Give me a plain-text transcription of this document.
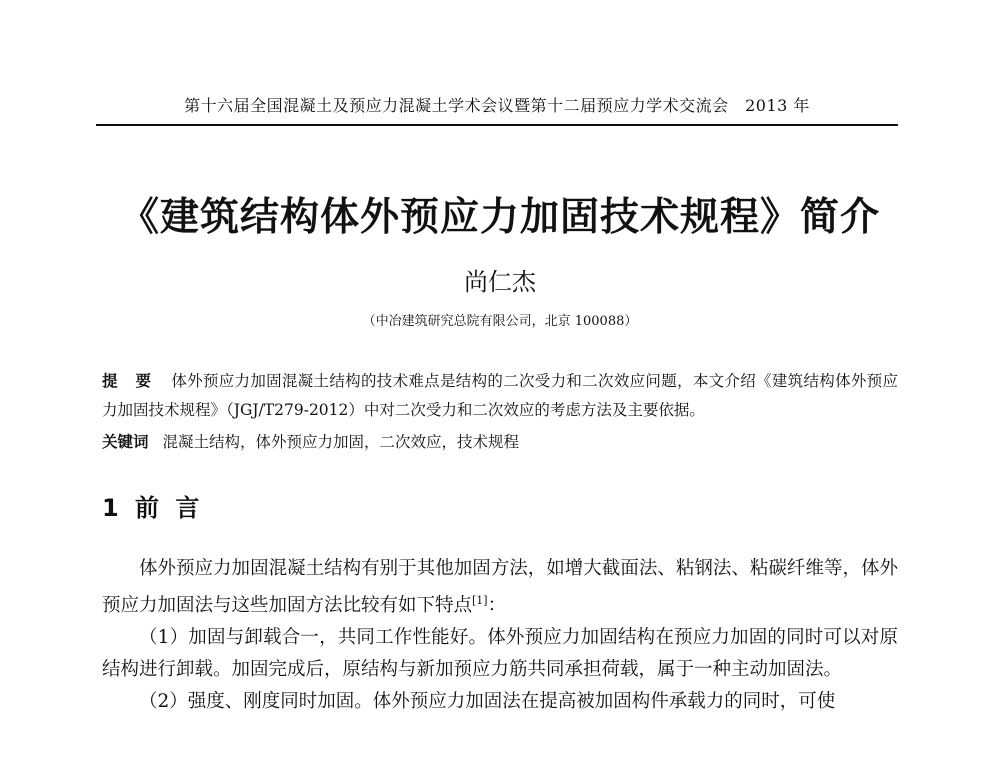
第十六届全国混凝土及预应力混凝土学术会议暨第十二届预应力学术交流会　2013 年
《建筑结构体外预应力加固技术规程》简介
尚仁杰
（中冶建筑研究总院有限公司，北京 100088）
提 要 体外预应力加固混凝土结构的技术难点是结构的二次受力和二次效应问题，本文介绍《建筑结构体外预应力加固技术规程》（JGJ/T279-2012）中对二次受力和二次效应的考虑方法及主要依据。
关键词 混凝土结构，体外预应力加固，二次效应，技术规程
1 前 言

体外预应力加固混凝土结构有别于其他加固方法，如增大截面法、粘钢法、粘碳纤维等，体外预应力加固法与这些加固方法比较有如下特点[1]：

（1）加固与卸载合一，共同工作性能好。体外预应力加固结构在预应力加固的同时可以对原结构进行卸载。加固完成后，原结构与新加预应力筋共同承担荷载，属于一种主动加固法。

（2）强度、刚度同时加固。体外预应力加固法在提高被加固构件承载力的同时，可使
